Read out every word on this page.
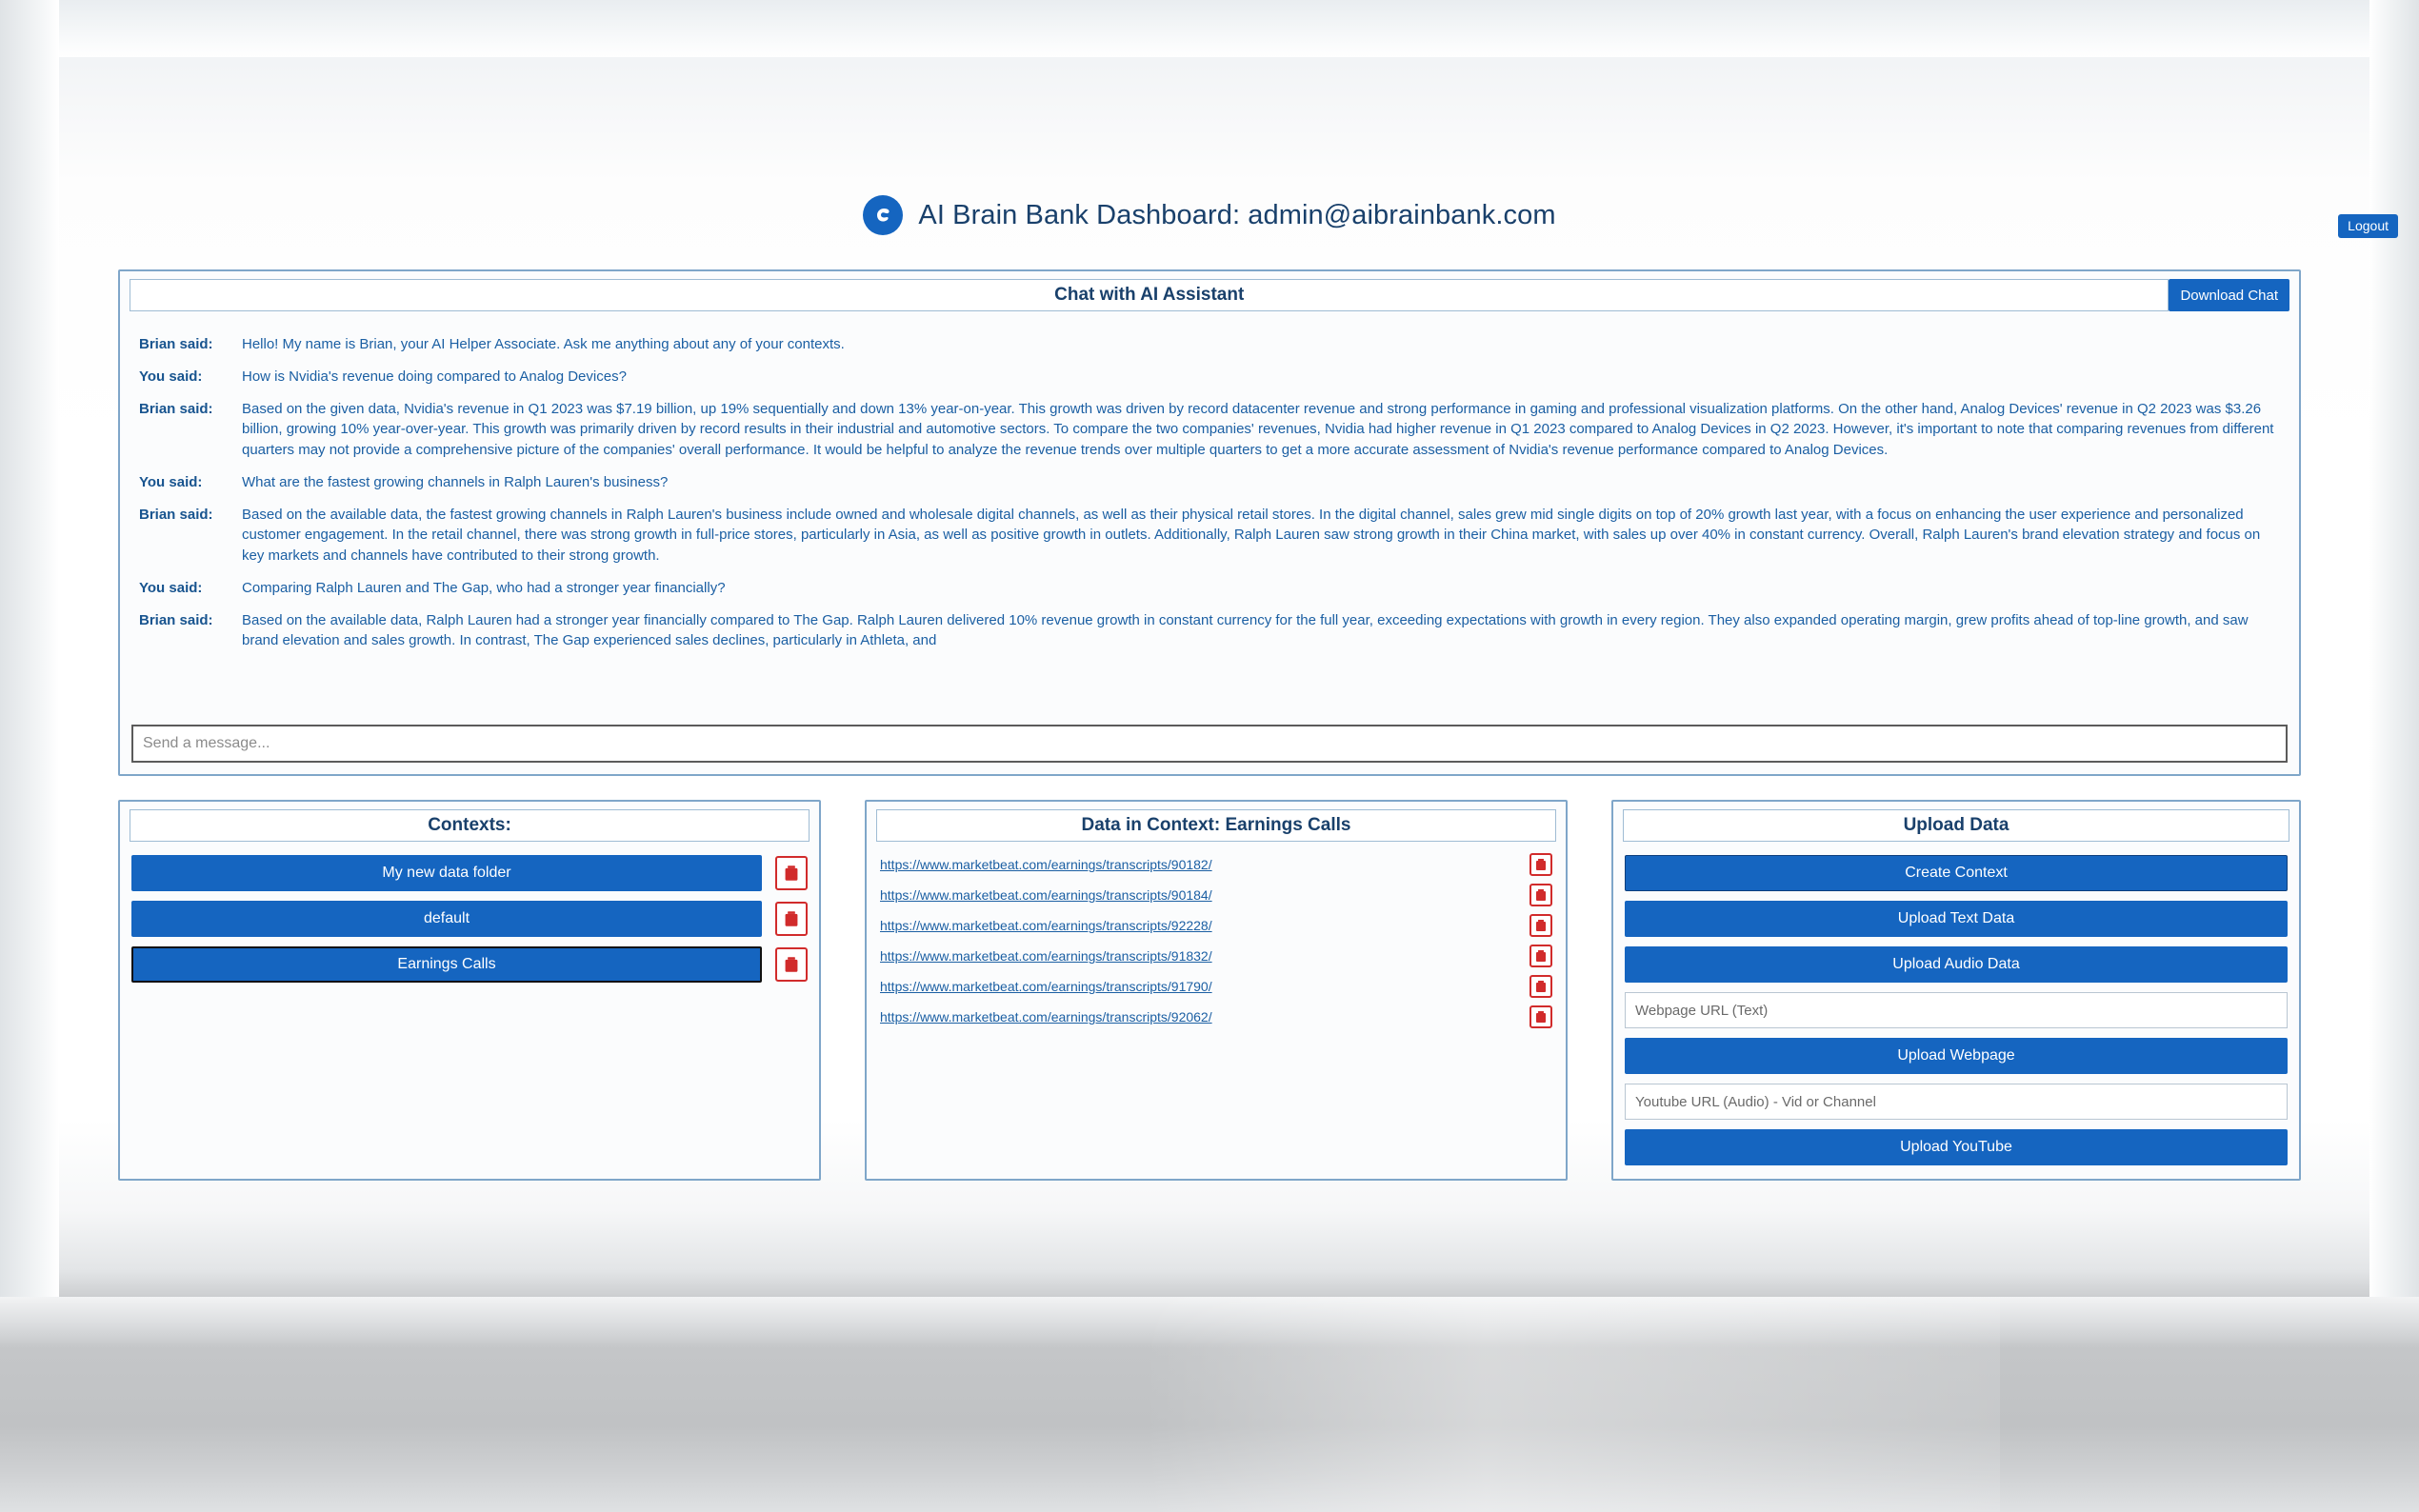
AI Brain Bank Dashboard: admin@aibrainbank.com	Logout
Chat with AI Assistant	Download Chat
Brian said:	Hello! My name is Brian, your AI Helper Associate. Ask me anything about any of your contexts.
You said:	How is Nvidia's revenue doing compared to Analog Devices?
Brian said:	Based on the given data, Nvidia's revenue in Q1 2023 was $7.19 billion, up 19% sequentially and down 13% year-on-year. This growth was driven by record datacenter revenue and strong performance in gaming and professional visualization platforms. On the other hand, Analog Devices' revenue in Q2 2023 was $3.26 billion, growing 10% year-over-year. This growth was primarily driven by record results in their industrial and automotive sectors. To compare the two companies' revenues, Nvidia had higher revenue in Q1 2023 compared to Analog Devices in Q2 2023. However, it's important to note that comparing revenues from different quarters may not provide a comprehensive picture of the companies' overall performance. It would be helpful to analyze the revenue trends over multiple quarters to get a more accurate assessment of Nvidia's revenue performance compared to Analog Devices.
You said:	What are the fastest growing channels in Ralph Lauren's business?
Brian said:	Based on the available data, the fastest growing channels in Ralph Lauren's business include owned and wholesale digital channels, as well as their physical retail stores. In the digital channel, sales grew mid single digits on top of 20% growth last year, with a focus on enhancing the user experience and personalized customer engagement. In the retail channel, there was strong growth in full-price stores, particularly in Asia, as well as positive growth in outlets. Additionally, Ralph Lauren saw strong growth in their China market, with sales up over 40% in constant currency. Overall, Ralph Lauren's brand elevation strategy and focus on key markets and channels have contributed to their strong growth.
You said:	Comparing Ralph Lauren and The Gap, who had a stronger year financially?
Brian said:	Based on the available data, Ralph Lauren had a stronger year financially compared to The Gap. Ralph Lauren delivered 10% revenue growth in constant currency for the full year, exceeding expectations with growth in every region. They also expanded operating margin, grew profits ahead of top-line growth, and saw brand elevation and sales growth. In contrast, The Gap experienced sales declines, particularly in Athleta, and
Send a message...
Contexts:
My new data folder
default
Earnings Calls
Data in Context: Earnings Calls
https://www.marketbeat.com/earnings/transcripts/90182/
https://www.marketbeat.com/earnings/transcripts/90184/
https://www.marketbeat.com/earnings/transcripts/92228/
https://www.marketbeat.com/earnings/transcripts/91832/
https://www.marketbeat.com/earnings/transcripts/91790/
https://www.marketbeat.com/earnings/transcripts/92062/
Upload Data
Create Context
Upload Text Data
Upload Audio Data
Webpage URL (Text)
Upload Webpage
Youtube URL (Audio) - Vid or Channel
Upload YouTube
